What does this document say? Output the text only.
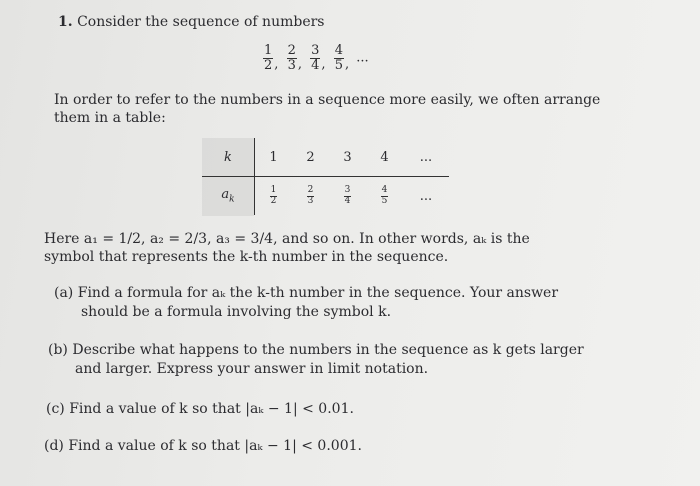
1. Consider the sequence of numbers
$\frac{1}{2}$ , $\frac{2}{3}$ , $\frac{3}{4}$ , $\frac{4}{5}$ , ...
In order to refer to the numbers in a sequence more easily, we often arrange
them in a table:
k	1	2	3	4	...
$a_k$	$\frac{1}{2}$	$\frac{2}{3}$	$\frac{3}{4}$	$\frac{4}{5}$	...
Here a₁ = 1/2, a₂ = 2/3, a₃ = 3/4, and so on. In other words, aₖ is the
symbol that represents the k-th number in the sequence.
(a) Find a formula for aₖ the k-th number in the sequence. Your answer
should be a formula involving the symbol k.
(b) Describe what happens to the numbers in the sequence as k gets larger
and larger. Express your answer in limit notation.
(c) Find a value of k so that |aₖ − 1| < 0.01.
(d) Find a value of k so that |aₖ − 1| < 0.001.
